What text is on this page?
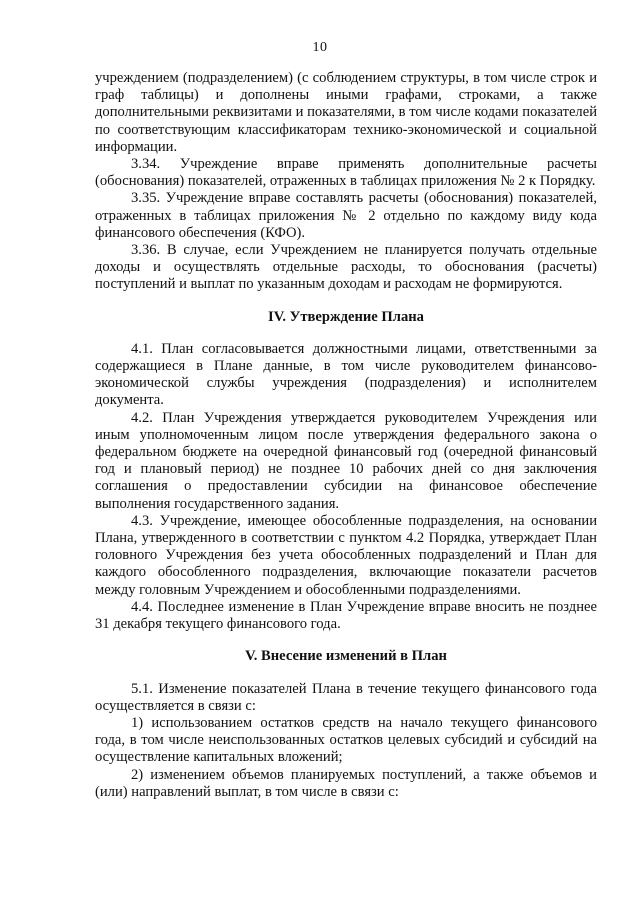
10

учреждением (подразделением) (с соблюдением структуры, в том числе строк и граф таблицы) и дополнены иными графами, строками, а также дополнительными реквизитами и показателями, в том числе кодами показателей по соответствующим классификаторам технико-экономической и социальной информации.

3.34. Учреждение вправе применять дополнительные расчеты (обоснования) показателей, отраженных в таблицах приложения № 2 к Порядку.

3.35. Учреждение вправе составлять расчеты (обоснования) показателей, отраженных в таблицах приложения № 2 отдельно по каждому виду кода финансового обеспечения (КФО).

3.36. В случае, если Учреждением не планируется получать отдельные доходы и осуществлять отдельные расходы, то обоснования (расчеты) поступлений и выплат по указанным доходам и расходам не формируются.

IV. Утверждение Плана

4.1. План согласовывается должностными лицами, ответственными за содержащиеся в Плане данные, в том числе руководителем финансово-экономической службы учреждения (подразделения) и исполнителем документа.

4.2. План Учреждения утверждается руководителем Учреждения или иным уполномоченным лицом после утверждения федерального закона о федеральном бюджете на очередной финансовый год (очередной финансовый год и плановый период) не позднее 10 рабочих дней со дня заключения соглашения о предоставлении субсидии на финансовое обеспечение выполнения государственного задания.

4.3. Учреждение, имеющее обособленные подразделения, на основании Плана, утвержденного в соответствии с пунктом 4.2 Порядка, утверждает План головного Учреждения без учета обособленных подразделений и План для каждого обособленного подразделения, включающие показатели расчетов между головным Учреждением и обособленными подразделениями.

4.4. Последнее изменение в План Учреждение вправе вносить не позднее 31 декабря текущего финансового года.

V. Внесение изменений в План

5.1. Изменение показателей Плана в течение текущего финансового года осуществляется в связи с:

1) использованием остатков средств на начало текущего финансового года, в том числе неиспользованных остатков целевых субсидий и субсидий на осуществление капитальных вложений;

2) изменением объемов планируемых поступлений, а также объемов и (или) направлений выплат, в том числе в связи с:
